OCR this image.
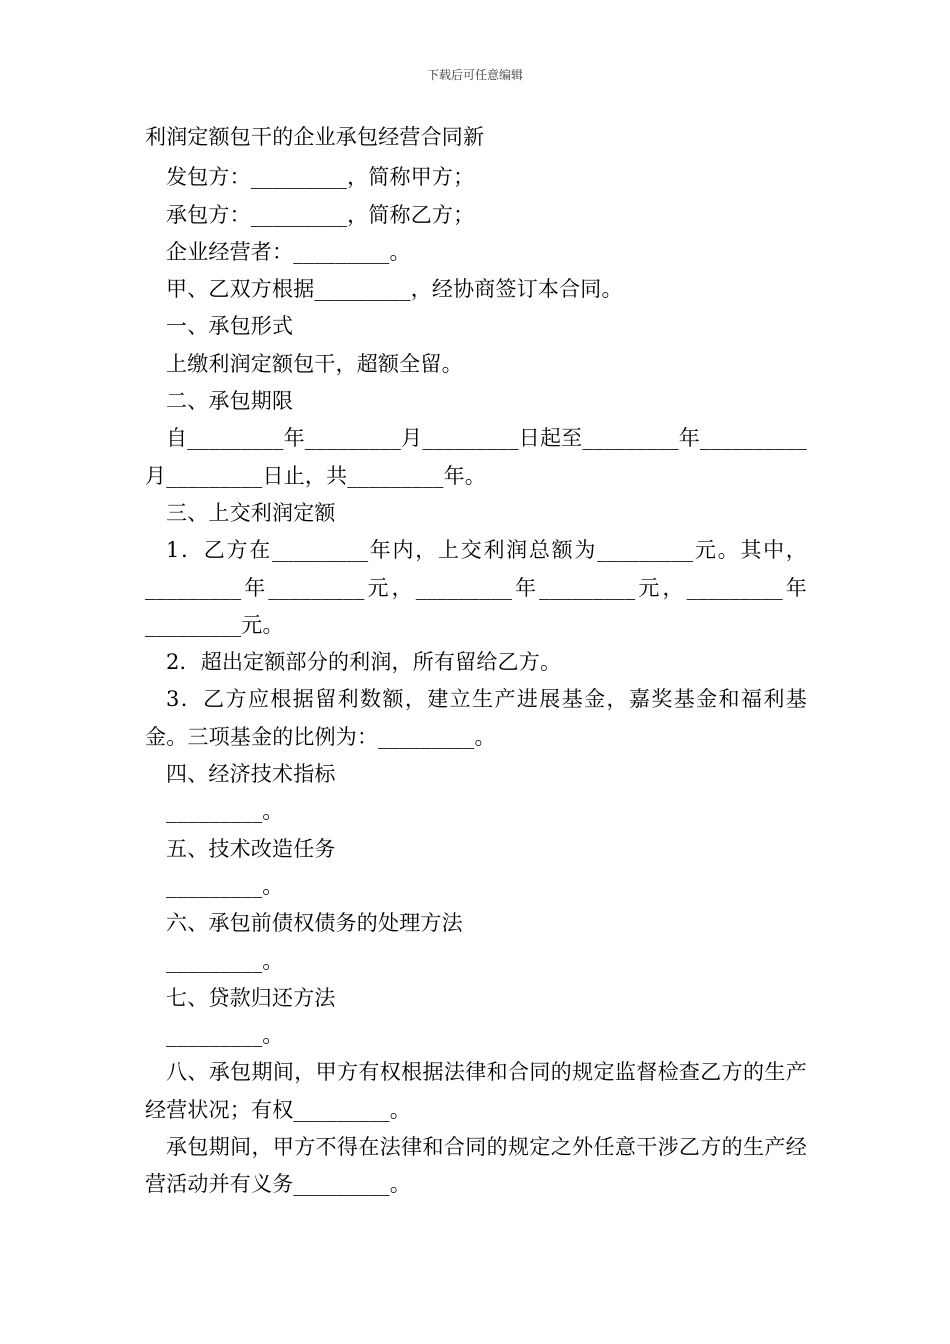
下载后可任意编辑
利润定额包干的企业承包经营合同新
发包方：_________，简称甲方；
承包方：_________，简称乙方；
企业经营者：_________。
甲、乙双方根据_________，经协商签订本合同。
一、承包形式
上缴利润定额包干，超额全留。
二、承包期限
自_________年_________月_________日起至_________年__________月_________日止，共_________年。
三、上交利润定额
1．乙方在_________年内，上交利润总额为_________元。其中，_________年_________元，_________年_________元，_________年_________元。
2．超出定额部分的利润，所有留给乙方。
3．乙方应根据留利数额，建立生产进展基金，嘉奖基金和福利基金。三项基金的比例为：_________。
四、经济技术指标
_________。
五、技术改造任务
_________。
六、承包前债权债务的处理方法
_________。
七、贷款归还方法
_________。
八、承包期间，甲方有权根据法律和合同的规定监督检查乙方的生产经营状况；有权_________。
承包期间，甲方不得在法律和合同的规定之外任意干涉乙方的生产经营活动并有义务_________。
